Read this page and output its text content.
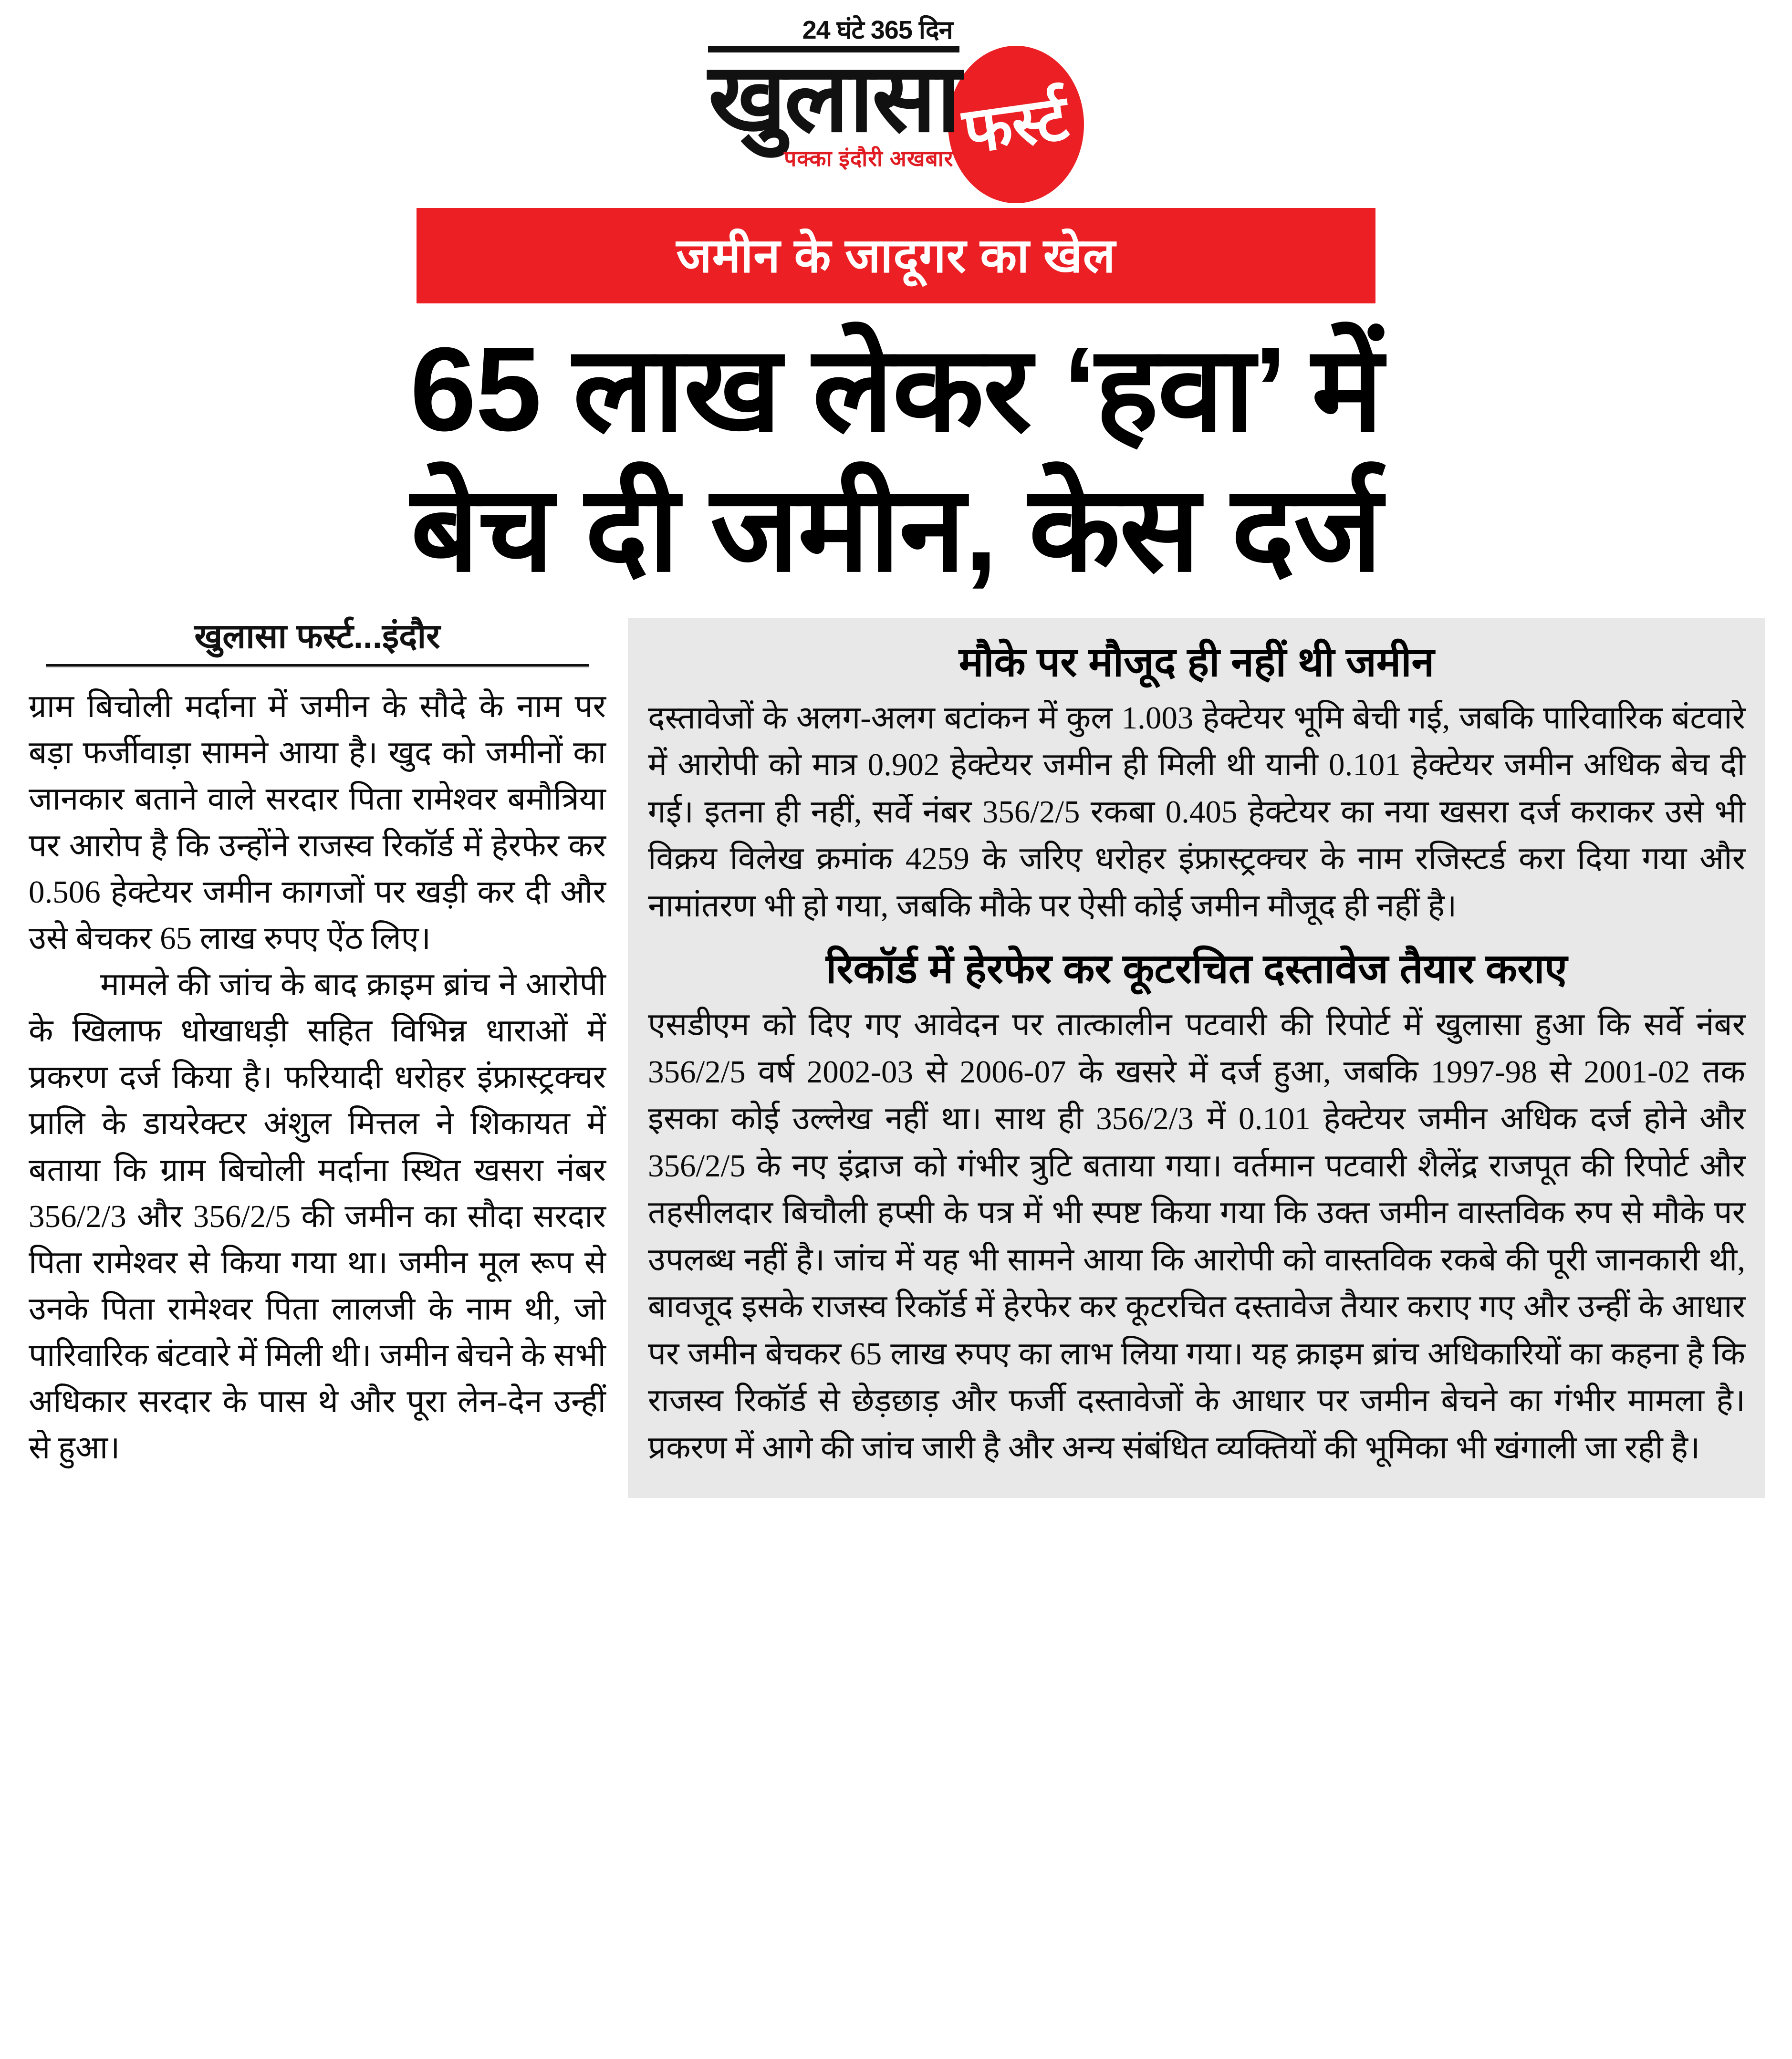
24 घंटे 365 दिन
खुलासा
पक्का इंदौरी अखबार फर्स्ट
जमीन के जादूगर का खेल
65 लाख लेकर ‘हवा’ में
बेच दी जमीन, केस दर्ज
खुलासा फर्स्ट...इंदौर

ग्राम बिचोली मर्दाना में जमीन के सौदे के नाम पर बड़ा फर्जीवाड़ा सामने आया है। खुद को जमीनों का जानकार बताने वाले सरदार पिता रामेश्वर बमौत्रिया पर आरोप है कि उन्होंने राजस्व रिकॉर्ड में हेरफेर कर 0.506 हेक्टेयर जमीन कागजों पर खड़ी कर दी और उसे बेचकर 65 लाख रुपए ऐंठ लिए।

मामले की जांच के बाद क्राइम ब्रांच ने आरोपी के खिलाफ धोखाधड़ी सहित विभिन्न धाराओं में प्रकरण दर्ज किया है। फरियादी धरोहर इंफ्रास्ट्रक्चर प्रालि के डायरेक्टर अंशुल मित्तल ने शिकायत में बताया कि ग्राम बिचोली मर्दाना स्थित खसरा नंबर 356/2/3 और 356/2/5 की जमीन का सौदा सरदार पिता रामेश्वर से किया गया था। जमीन मूल रूप से उनके पिता रामेश्वर पिता लालजी के नाम थी, जो पारिवारिक बंटवारे में मिली थी। जमीन बेचने के सभी अधिकार सरदार के पास थे और पूरा लेन-देन उन्हीं से हुआ।

मौके पर मौजूद ही नहीं थी जमीन

दस्तावेजों के अलग-अलग बटांकन में कुल 1.003 हेक्टेयर भूमि बेची गई, जबकि पारिवारिक बंटवारे में आरोपी को मात्र 0.902 हेक्टेयर जमीन ही मिली थी यानी 0.101 हेक्टेयर जमीन अधिक बेच दी गई। इतना ही नहीं, सर्वे नंबर 356/2/5 रकबा 0.405 हेक्टेयर का नया खसरा दर्ज कराकर उसे भी विक्रय विलेख क्रमांक 4259 के जरिए धरोहर इंफ्रास्ट्रक्चर के नाम रजिस्टर्ड करा दिया गया और नामांतरण भी हो गया, जबकि मौके पर ऐसी कोई जमीन मौजूद ही नहीं है।

रिकॉर्ड में हेरफेर कर कूटरचित दस्तावेज तैयार कराए

एसडीएम को दिए गए आवेदन पर तात्कालीन पटवारी की रिपोर्ट में खुलासा हुआ कि सर्वे नंबर 356/2/5 वर्ष 2002-03 से 2006-07 के खसरे में दर्ज हुआ, जबकि 1997-98 से 2001-02 तक इसका कोई उल्लेख नहीं था। साथ ही 356/2/3 में 0.101 हेक्टेयर जमीन अधिक दर्ज होने और 356/2/5 के नए इंद्राज को गंभीर त्रुटि बताया गया। वर्तमान पटवारी शैलेंद्र राजपूत की रिपोर्ट और तहसीलदार बिचौली हप्सी के पत्र में भी स्पष्ट किया गया कि उक्त जमीन वास्तविक रुप से मौके पर उपलब्ध नहीं है। जांच में यह भी सामने आया कि आरोपी को वास्तविक रकबे की पूरी जानकारी थी, बावजूद इसके राजस्व रिकॉर्ड में हेरफेर कर कूटरचित दस्तावेज तैयार कराए गए और उन्हीं के आधार पर जमीन बेचकर 65 लाख रुपए का लाभ लिया गया। यह क्राइम ब्रांच अधिकारियों का कहना है कि राजस्व रिकॉर्ड से छेड़छाड़ और फर्जी दस्तावेजों के आधार पर जमीन बेचने का गंभीर मामला है। प्रकरण में आगे की जांच जारी है और अन्य संबंधित व्यक्तियों की भूमिका भी खंगाली जा रही है।
